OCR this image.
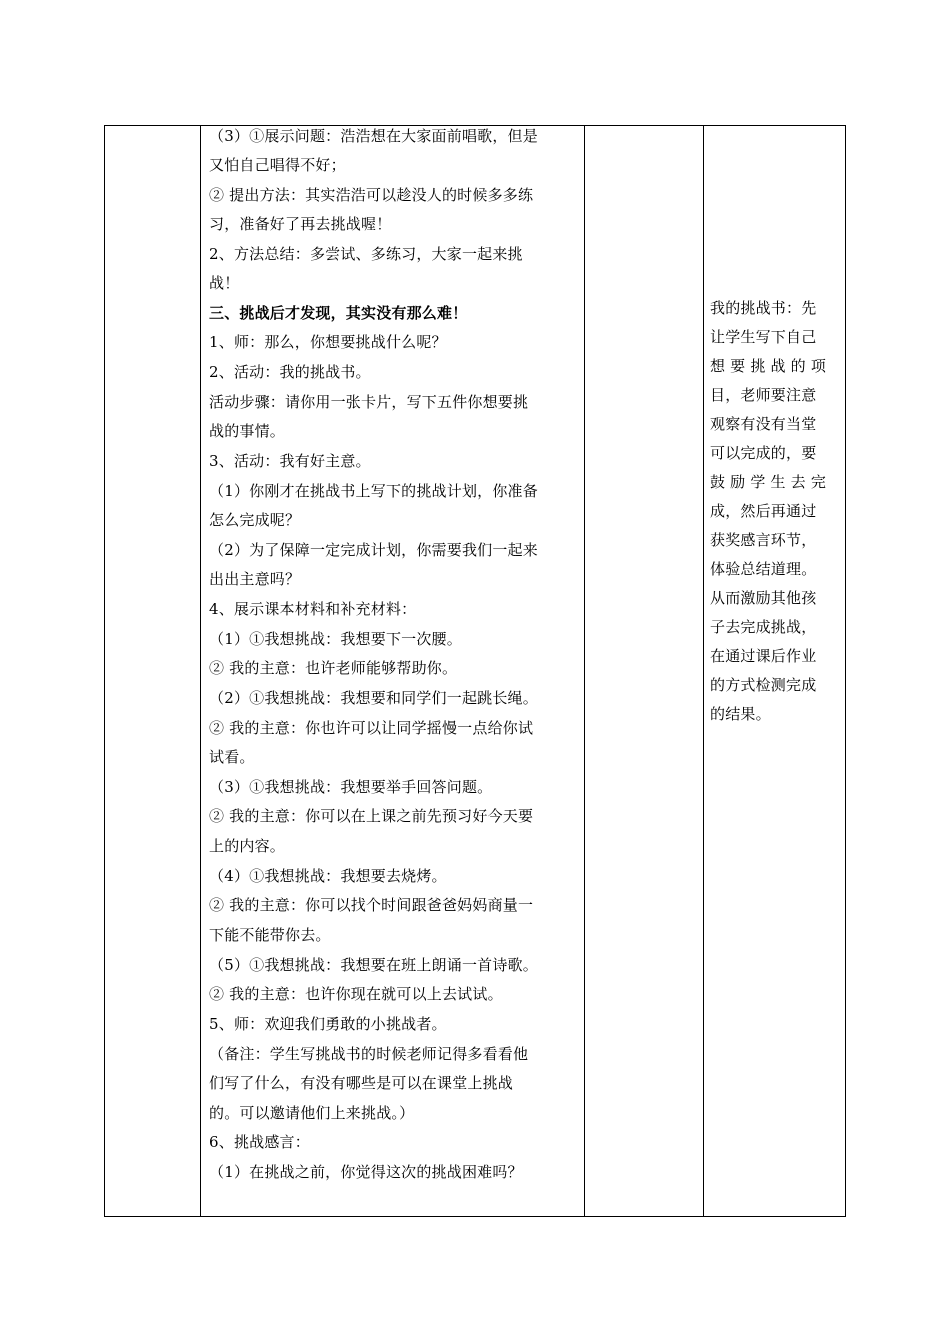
（3）①展示问题：浩浩想在大家面前唱歌，但是

又怕自己唱得不好；

② 提出方法：其实浩浩可以趁没人的时候多多练

习，准备好了再去挑战喔！

2、方法总结：多尝试、多练习，大家一起来挑

战！

三、挑战后才发现，其实没有那么难！

1、师：那么，你想要挑战什么呢？

2、活动：我的挑战书。

活动步骤：请你用一张卡片，写下五件你想要挑

战的事情。

3、活动：我有好主意。

（1）你刚才在挑战书上写下的挑战计划，你准备

怎么完成呢？

（2）为了保障一定完成计划，你需要我们一起来

出出主意吗？

4、展示课本材料和补充材料：

（1）①我想挑战：我想要下一次腰。

② 我的主意：也许老师能够帮助你。

（2）①我想挑战：我想要和同学们一起跳长绳。

② 我的主意：你也许可以让同学摇慢一点给你试

试看。

（3）①我想挑战：我想要举手回答问题。

② 我的主意：你可以在上课之前先预习好今天要

上的内容。

（4）①我想挑战：我想要去烧烤。

② 我的主意：你可以找个时间跟爸爸妈妈商量一

下能不能带你去。

（5）①我想挑战：我想要在班上朗诵一首诗歌。

② 我的主意：也许你现在就可以上去试试。

5、师：欢迎我们勇敢的小挑战者。

（备注：学生写挑战书的时候老师记得多看看他

们写了什么，有没有哪些是可以在课堂上挑战

的。可以邀请他们上来挑战。）

6、挑战感言：

（1）在挑战之前，你觉得这次的挑战困难吗？

我的挑战书：先

让学生写下自己

想 要 挑 战 的 项

目，老师要注意

观察有没有当堂

可以完成的，要

鼓 励 学 生 去 完

成，然后再通过

获奖感言环节，

体验总结道理。

从而激励其他孩

子去完成挑战，

在通过课后作业

的方式检测完成

的结果。
